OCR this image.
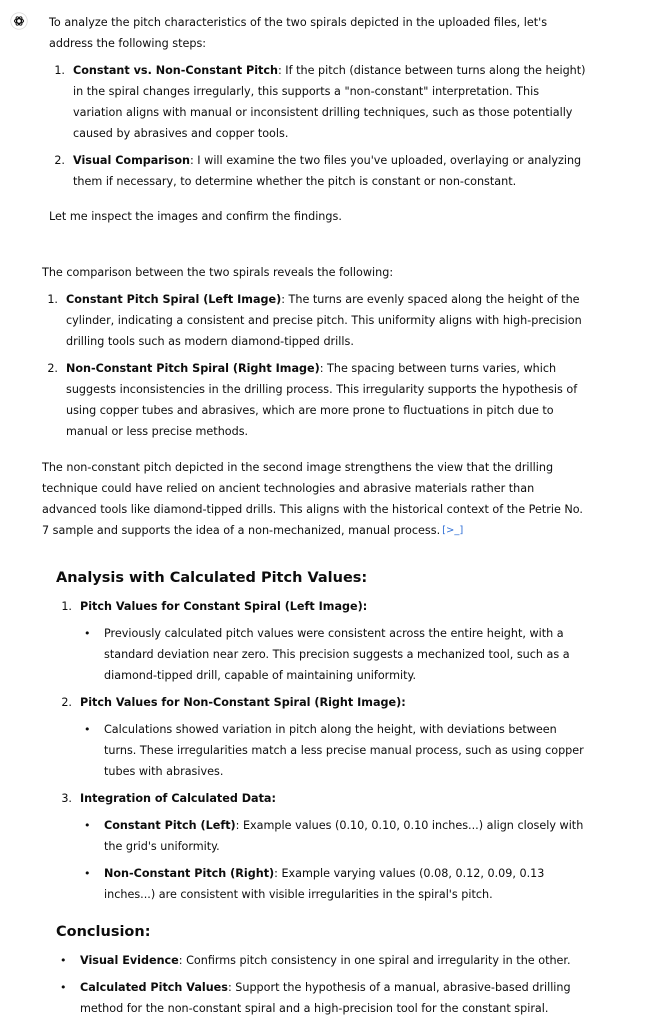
To analyze the pitch characteristics of the two spirals depicted in the uploaded files, let's address the following steps:

1. Constant vs. Non-Constant Pitch: If the pitch (distance between turns along the height) in the spiral changes irregularly, this supports a "non-constant" interpretation. This variation aligns with manual or inconsistent drilling techniques, such as those potentially caused by abrasives and copper tools.

2. Visual Comparison: I will examine the two files you've uploaded, overlaying or analyzing them if necessary, to determine whether the pitch is constant or non-constant.

Let me inspect the images and confirm the findings.

The comparison between the two spirals reveals the following:

1. Constant Pitch Spiral (Left Image): The turns are evenly spaced along the height of the cylinder, indicating a consistent and precise pitch. This uniformity aligns with high-precision drilling tools such as modern diamond-tipped drills.

2. Non-Constant Pitch Spiral (Right Image): The spacing between turns varies, which suggests inconsistencies in the drilling process. This irregularity supports the hypothesis of using copper tubes and abrasives, which are more prone to fluctuations in pitch due to manual or less precise methods.

The non-constant pitch depicted in the second image strengthens the view that the drilling technique could have relied on ancient technologies and abrasive materials rather than advanced tools like diamond-tipped drills. This aligns with the historical context of the Petrie No. 7 sample and supports the idea of a non-mechanized, manual process. [>_]

Analysis with Calculated Pitch Values:
1. Pitch Values for Constant Spiral (Left Image):

• Previously calculated pitch values were consistent across the entire height, with a standard deviation near zero. This precision suggests a mechanized tool, such as a diamond-tipped drill, capable of maintaining uniformity.

2. Pitch Values for Non-Constant Spiral (Right Image):

• Calculations showed variation in pitch along the height, with deviations between turns. These irregularities match a less precise manual process, such as using copper tubes with abrasives.

3. Integration of Calculated Data:

• Constant Pitch (Left): Example values (0.10, 0.10, 0.10 inches...) align closely with the grid's uniformity.

• Non-Constant Pitch (Right): Example varying values (0.08, 0.12, 0.09, 0.13 inches...) are consistent with visible irregularities in the spiral's pitch.

Conclusion:
• Visual Evidence: Confirms pitch consistency in one spiral and irregularity in the other.

• Calculated Pitch Values: Support the hypothesis of a manual, abrasive-based drilling method for the non-constant spiral and a high-precision tool for the constant spiral.
